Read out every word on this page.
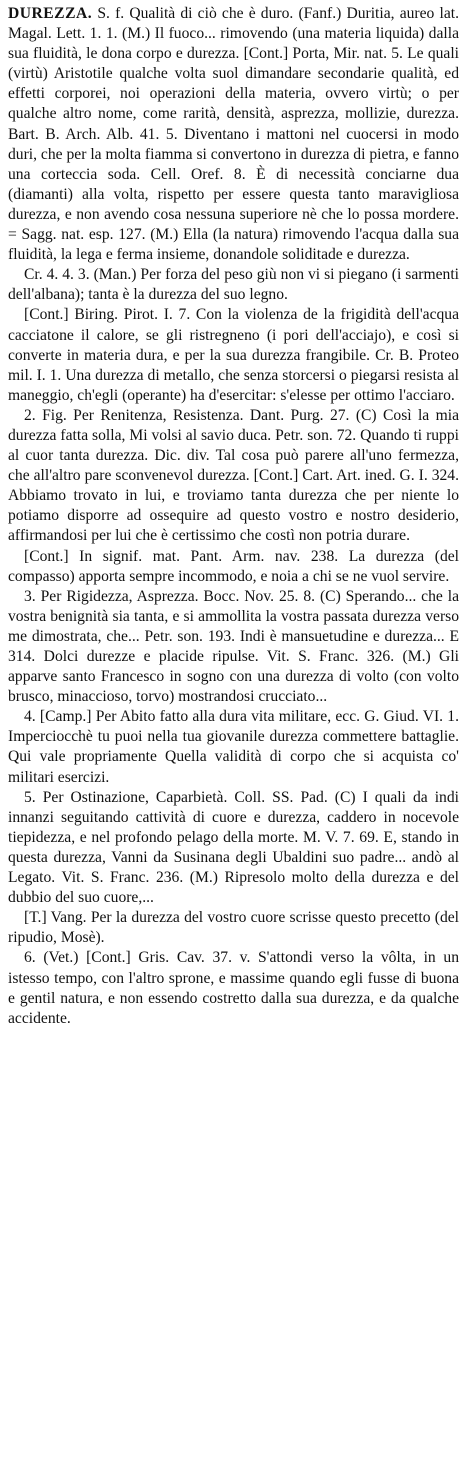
DUREZZA. S. f. Qualità di ciò che è duro. (Fanf.) Duritia, aureo lat. Magal. Lett. 1. 1. (M.) Il fuoco... rimovendo (una materia liquida) dalla sua fluidità, le dona corpo e durezza. [Cont.] Porta, Mir. nat. 5. Le quali (virtù) Aristotile qualche volta suol dimandare secondarie qualità, ed effetti corporei, noi operazioni della materia, ovvero virtù; o per qualche altro nome, come rarità, densità, asprezza, mollizie, durezza. Bart. B. Arch. Alb. 41. 5. Diventano i mattoni nel cuocersi in modo duri, che per la molta fiamma si convertono in durezza di pietra, e fanno una corteccia soda. Cell. Oref. 8. È di necessità conciarne dua (diamanti) alla volta, rispetto per essere questa tanto maravigliosa durezza, e non avendo cosa nessuna superiore nè che lo possa mordere. = Sagg. nat. esp. 127. (M.) Ella (la natura) rimovendo l'acqua dalla sua fluidità, la lega e ferma insieme, donandole soliditade e durezza.

Cr. 4. 4. 3. (Man.) Per forza del peso giù non vi si piegano (i sarmenti dell'albana); tanta è la durezza del suo legno.

[Cont.] Biring. Pirot. I. 7. Con la violenza de la frigidità dell'acqua cacciatone il calore, se gli ristregneno (i pori dell'acciajo), e così si converte in materia dura, e per la sua durezza frangibile. Cr. B. Proteo mil. I. 1. Una durezza di metallo, che senza storcersi o piegarsi resista al maneggio, ch'egli (operante) ha d'esercitar: s'elesse per ottimo l'acciaro.

2. Fig. Per Renitenza, Resistenza. Dant. Purg. 27. (C) Così la mia durezza fatta solla, Mi volsi al savio duca. Petr. son. 72. Quando ti ruppi al cuor tanta durezza. Dic. div. Tal cosa può parere all'uno fermezza, che all'altro pare sconvenevol durezza. [Cont.] Cart. Art. ined. G. I. 324. Abbiamo trovato in lui, e troviamo tanta durezza che per niente lo potiamo disporre ad ossequire ad questo vostro e nostro desiderio, affirmandosi per lui che è certissimo che costì non potria durare.

[Cont.] In signif. mat. Pant. Arm. nav. 238. La durezza (del compasso) apporta sempre incommodo, e noia a chi se ne vuol servire.

3. Per Rigidezza, Asprezza. Bocc. Nov. 25. 8. (C) Sperando... che la vostra benignità sia tanta, e si ammollita la vostra passata durezza verso me dimostrata, che... Petr. son. 193. Indi è mansuetudine e durezza... E 314. Dolci durezze e placide ripulse. Vit. S. Franc. 326. (M.) Gli apparve santo Francesco in sogno con una durezza di volto (con volto brusco, minaccioso, torvo) mostrandosi crucciato...

4. [Camp.] Per Abito fatto alla dura vita militare, ecc. G. Giud. VI. 1. Imperciocchè tu puoi nella tua giovanile durezza commettere battaglie. Qui vale propriamente Quella validità di corpo che si acquista co' militari esercizi.

5. Per Ostinazione, Caparbietà. Coll. SS. Pad. (C) I quali da indi innanzi seguitando cattività di cuore e durezza, caddero in nocevole tiepidezza, e nel profondo pelago della morte. M. V. 7. 69. E, stando in questa durezza, Vanni da Susinana degli Ubaldini suo padre... andò al Legato. Vit. S. Franc. 236. (M.) Ripresolo molto della durezza e del dubbio del suo cuore,...

[T.] Vang. Per la durezza del vostro cuore scrisse questo precetto (del ripudio, Mosè).

6. (Vet.) [Cont.] Gris. Cav. 37. v. S'attondi verso la vôlta, in un istesso tempo, con l'altro sprone, e massime quando egli fusse di buona e gentil natura, e non essendo costretto dalla sua durezza, e da qualche accidente.
